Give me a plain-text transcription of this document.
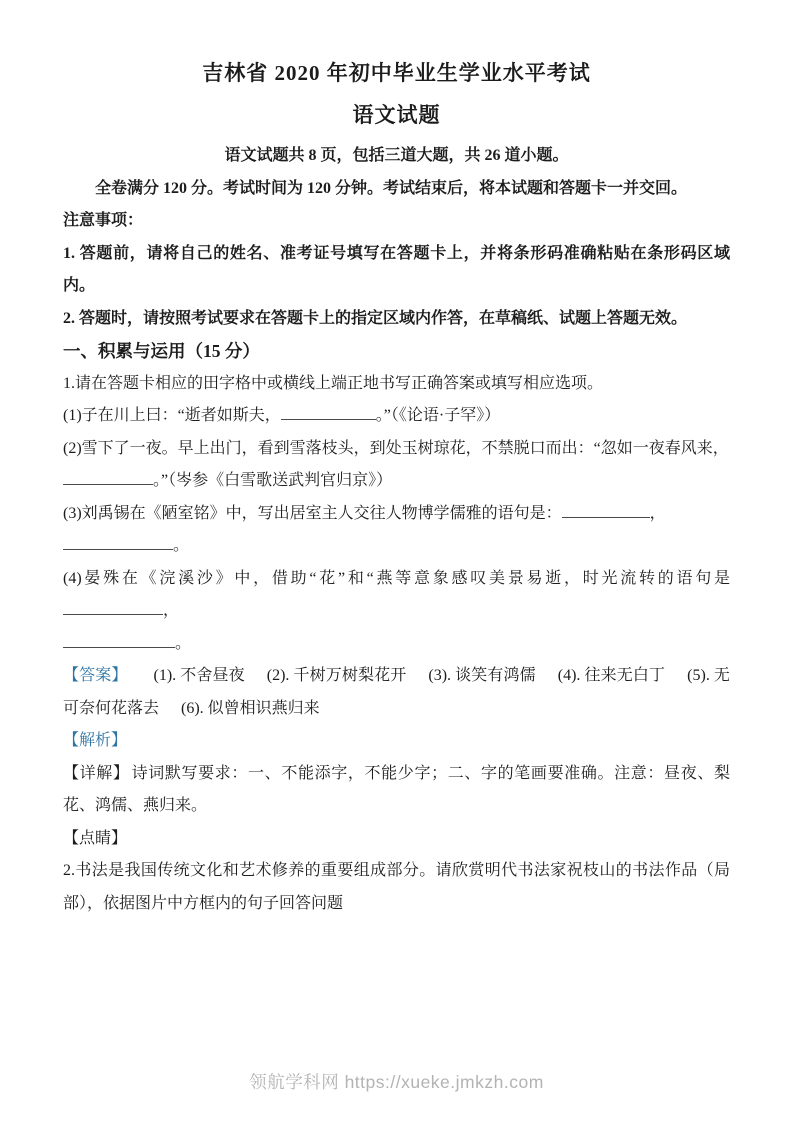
吉林省 2020 年初中毕业生学业水平考试
语文试题

语文试题共 8 页，包括三道大题，共 26 道小题。

全卷满分 120 分。考试时间为 120 分钟。考试结束后，将本试题和答题卡一并交回。

注意事项：

1. 答题前，请将自己的姓名、准考证号填写在答题卡上，并将条形码准确粘贴在条形码区域内。

2. 答题时，请按照考试要求在答题卡上的指定区域内作答，在草稿纸、试题上答题无效。

一、积累与运用（15 分）

1.请在答题卡相应的田字格中或横线上端正地书写正确答案或填写相应选项。

(1)子在川上曰：“逝者如斯夫，	。”（《论语·子罕》）

(2)雪下了一夜。早上出门，看到雪落枝头，到处玉树琼花，不禁脱口而出：“忽如一夜春风来，

。”（岑参《白雪歌送武判官归京》）

(3)刘禹锡在《陋室铭》中，写出居室主人交往人物博学儒雅的语句是：	，

。

(4)晏殊在《浣溪沙》中，借助“花”和“燕等意象感叹美景易逝，时光流转的语句是，

。

【答案】 (1). 不舍昼夜 (2). 千树万树梨花开 (3). 谈笑有鸿儒 (4). 往来无白丁 (5). 无可奈何花落去 (6). 似曾相识燕归来

【解析】

【详解】 诗词默写要求：一、不能添字，不能少字；二、字的笔画要准确。注意：昼夜、梨花、鸿儒、燕归来。

【点睛】

2.书法是我国传统文化和艺术修养的重要组成部分。请欣赏明代书法家祝枝山的书法作品（局部），依据图片中方框内的句子回答问题

领航学科网 https://xueke.jmkzh.com
